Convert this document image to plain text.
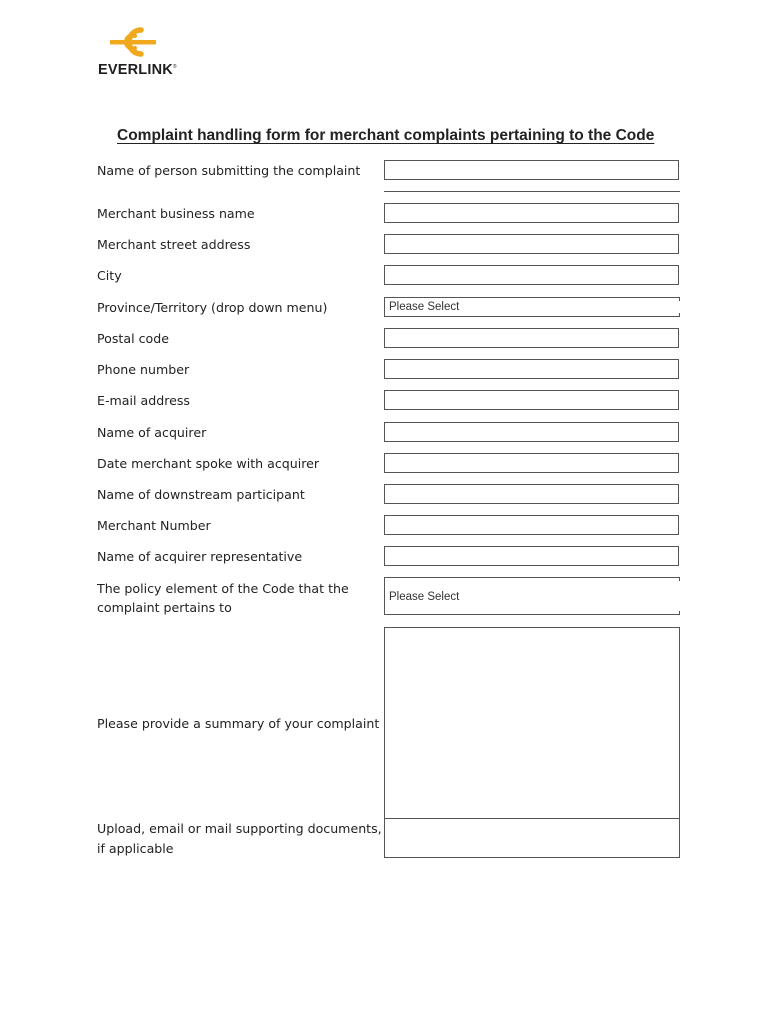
EVERLINK®
Complaint handling form for merchant complaints pertaining to the Code
Name of person submitting the complaint
Merchant business name
Merchant street address
City
Province/Territory (drop down menu)	Please Select
Postal code
Phone number
E-mail address
Name of acquirer
Date merchant spoke with acquirer
Name of downstream participant
Merchant Number
Name of acquirer representative
The policy element of the Code that the
complaint pertains to
Please Select
Please provide a summary of your complaint
Upload, email or mail supporting documents,
if applicable
